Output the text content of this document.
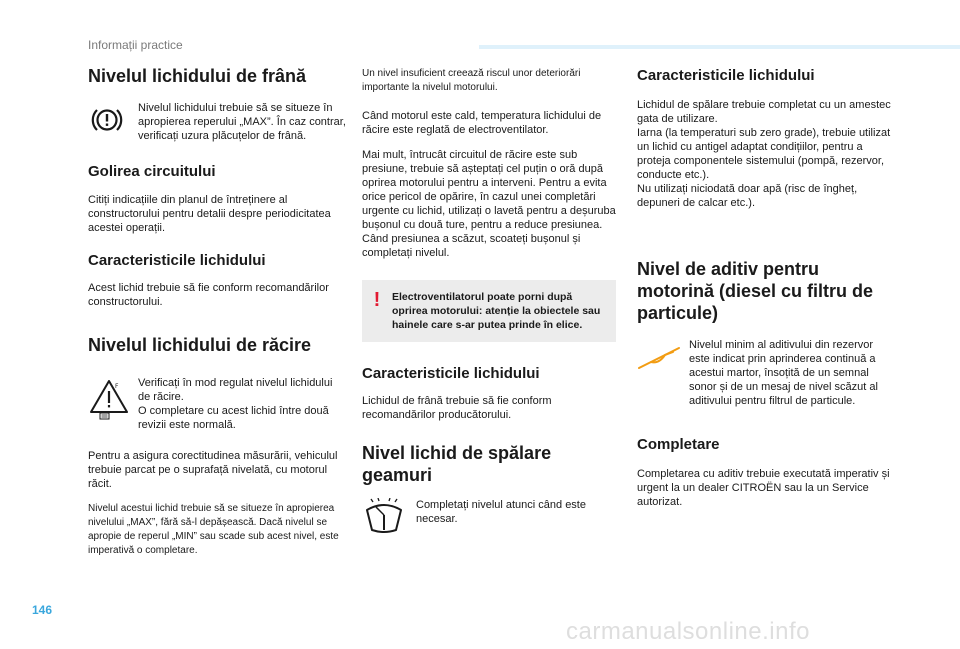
Informații practice
Nivelul lichidului de frână
Nivelul lichidului trebuie să se situeze în apropierea reperului „MAX”. În caz contrar, verificați uzura plăcuțelor de frână.
Golirea circuitului

Citiți indicațiile din planul de întreținere al constructorului pentru detalii despre periodicitatea acestei operații.

Caracteristicile lichidului

Acest lichid trebuie să fie conform recomandărilor constructorului.

Nivelul lichidului de răcire
F Verificați în mod regulat nivelul lichidului de răcire.
O completare cu acest lichid între două revizii este normală.

Pentru a asigura corectitudinea măsurării, vehiculul trebuie parcat pe o suprafață nivelată, cu motorul răcit.

Nivelul acestui lichid trebuie să se situeze în apropierea nivelului „MAX”, fără să-l depășească. Dacă nivelul se apropie de reperul „MIN” sau scade sub acest nivel, este imperativă o completare.

Un nivel insuficient creează riscul unor deteriorări importante la nivelul motorului.

Când motorul este cald, temperatura lichidului de răcire este reglată de electroventilator.

Mai mult, întrucât circuitul de răcire este sub presiune, trebuie să așteptați cel puțin o oră după oprirea motorului pentru a interveni. Pentru a evita orice pericol de opărire, în cazul unei completări urgente cu lichid, utilizați o lavetă pentru a deșuruba bușonul cu două ture, pentru a reduce presiunea.
Când presiunea a scăzut, scoateți bușonul și completați nivelul.

!	Electroventilatorul poate porni după oprirea motorului: atenție la obiectele sau hainele care s-ar putea prinde în elice.
Caracteristicile lichidului

Lichidul de frână trebuie să fie conform recomandărilor producătorului.

Nivel lichid de spălare geamuri
Completați nivelul atunci când este necesar.
Caracteristicile lichidului

Lichidul de spălare trebuie completat cu un amestec gata de utilizare.
Iarna (la temperaturi sub zero grade), trebuie utilizat un lichid cu antigel adaptat condițiilor, pentru a proteja componentele sistemului (pompă, rezervor, conducte etc.).
Nu utilizați niciodată doar apă (risc de îngheț, depuneri de calcar etc.).

Nivel de aditiv pentru motorină (diesel cu filtru de particule)
Nivelul minim al aditivului din rezervor este indicat prin aprinderea continuă a acestui martor, însoțită de un semnal sonor și de un mesaj de nivel scăzut al aditivului pentru filtrul de particule.
Completare

Completarea cu aditiv trebuie executată imperativ și urgent la un dealer CITROËN sau la un Service autorizat.

146
carmanualsonline.info
